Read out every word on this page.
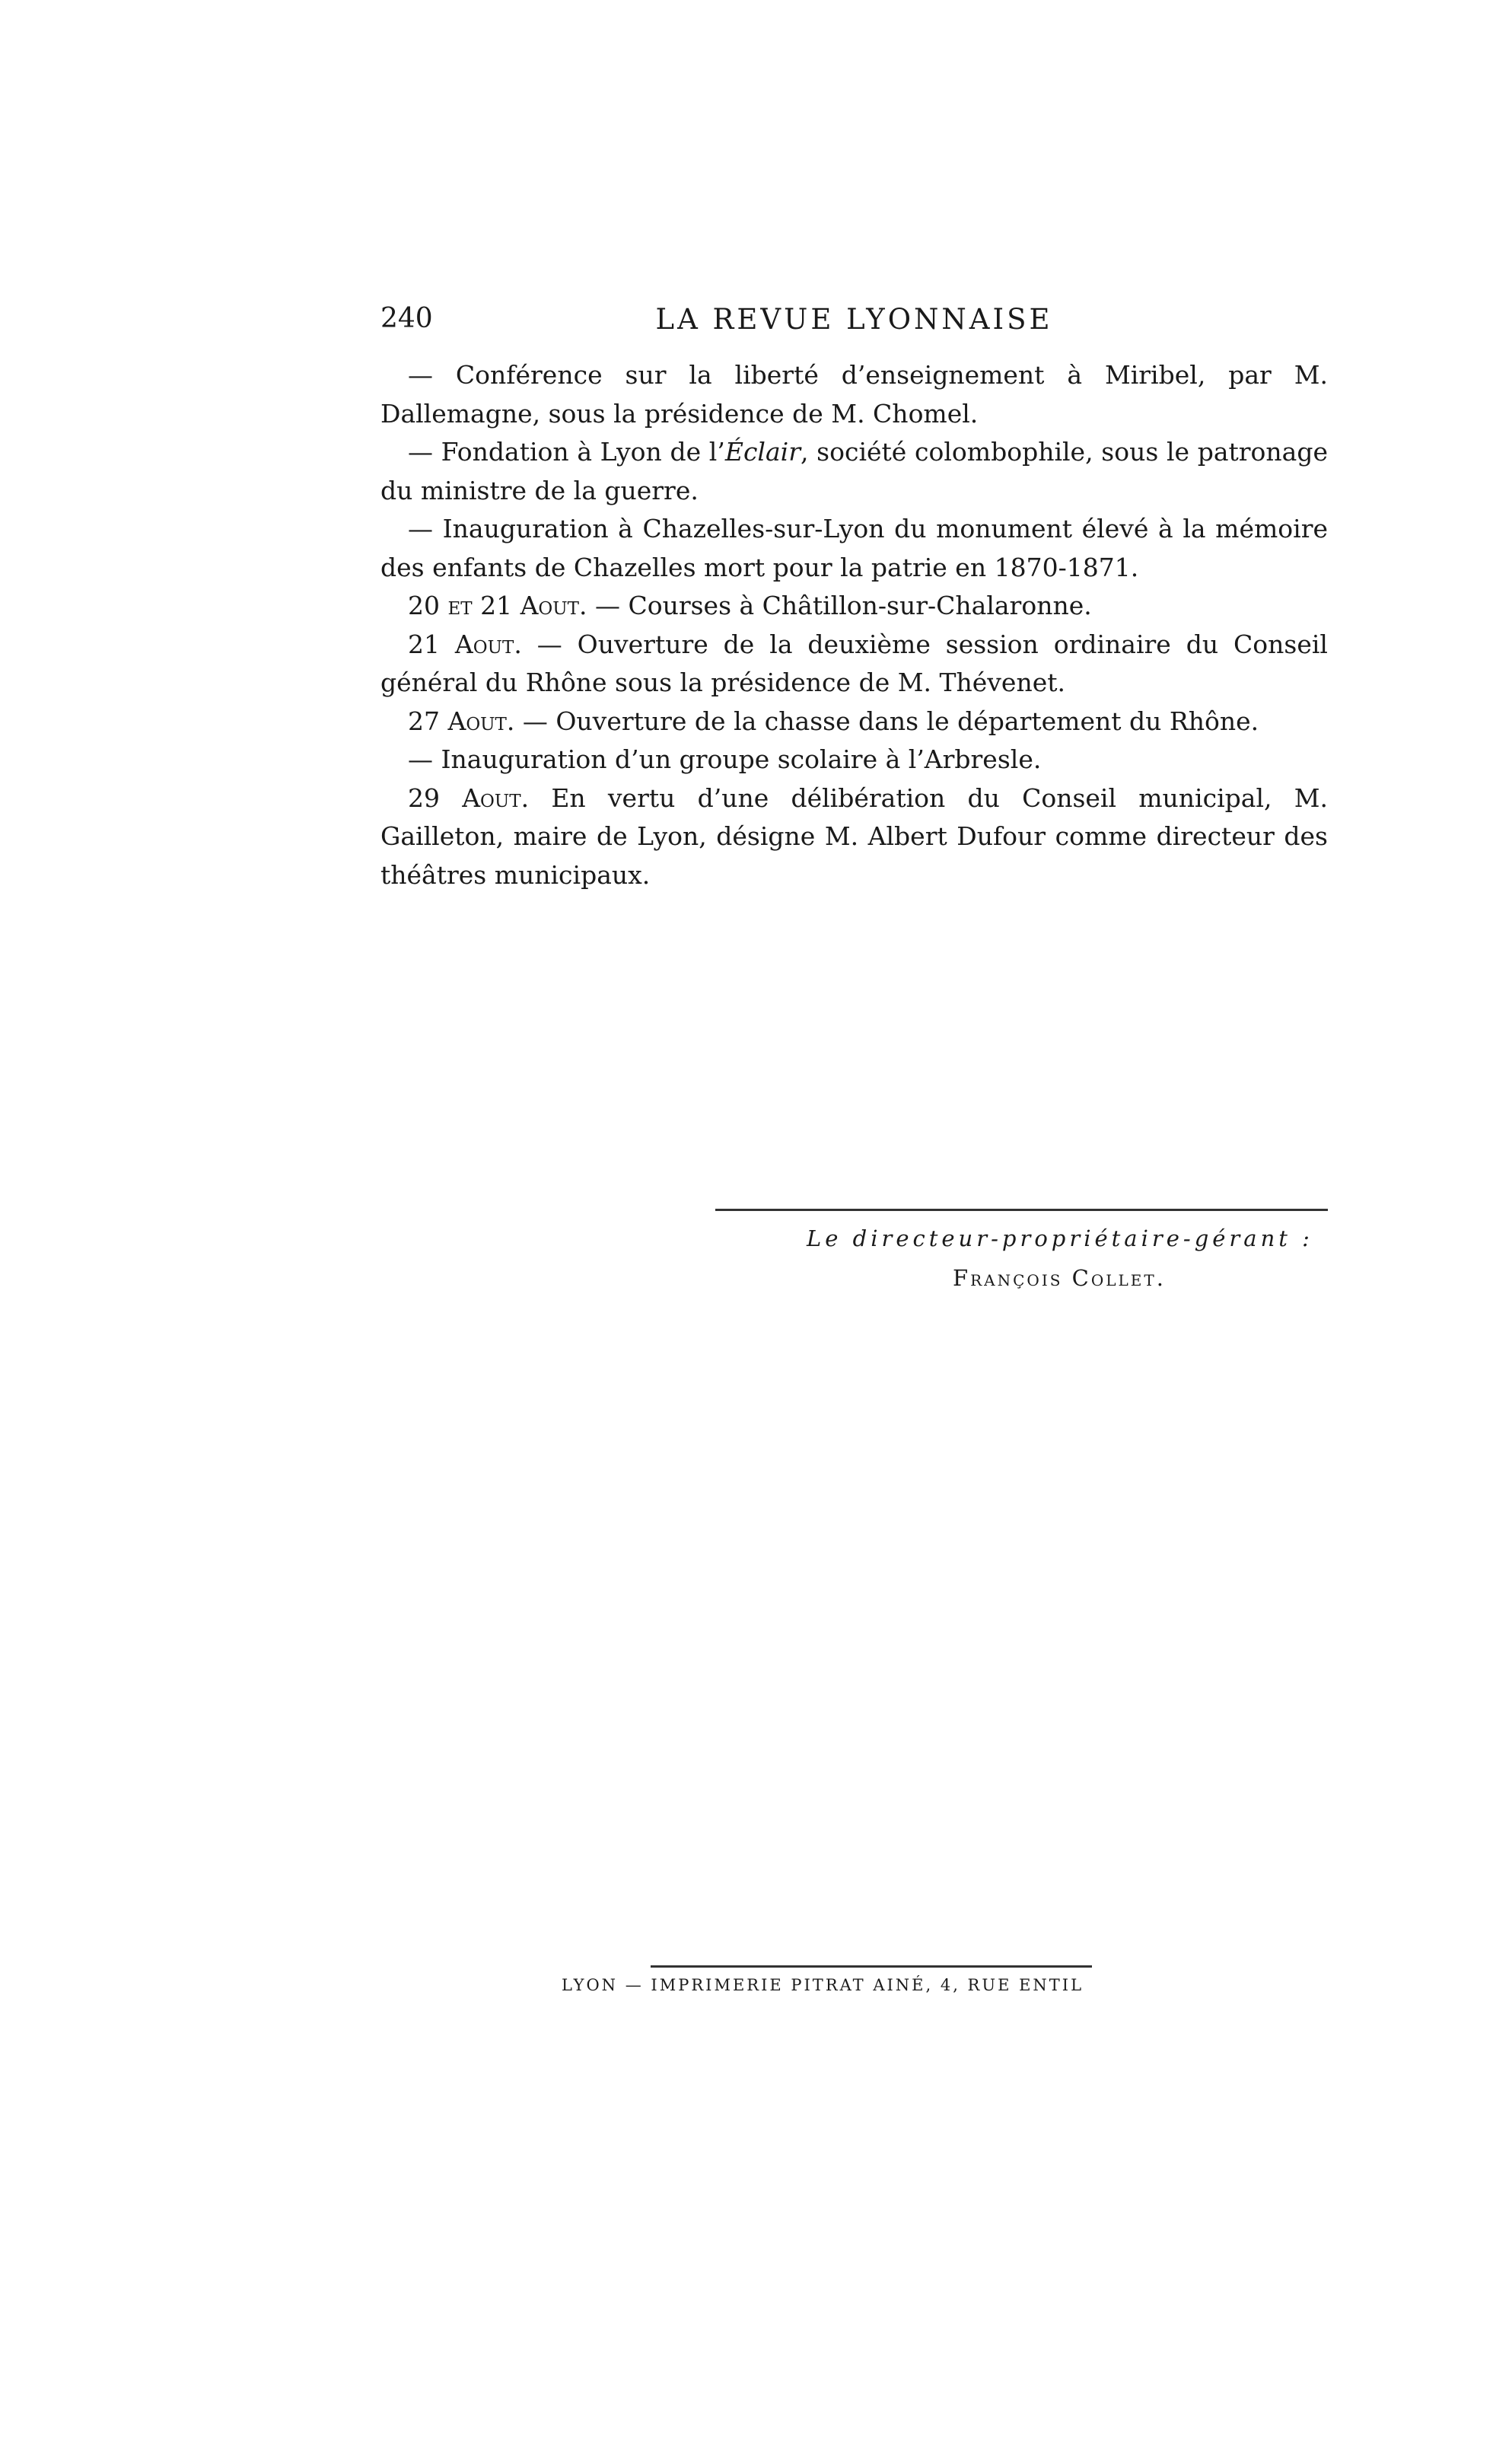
240	LA REVUE LYONNAISE

— Conférence sur la liberté d’enseignement à Miribel, par M. Dallemagne, sous la présidence de M. Chomel.

— Fondation à Lyon de l’Éclair, société colombophile, sous le patronage du ministre de la guerre.

— Inauguration à Chazelles-sur-Lyon du monument élevé à la mémoire des enfants de Chazelles mort pour la patrie en 1870-1871.

20 et 21 Aout. — Courses à Châtillon-sur-Chalaronne.

21 Aout. — Ouverture de la deuxième session ordinaire du Conseil général du Rhône sous la présidence de M. Thévenet.

27 Aout. — Ouverture de la chasse dans le département du Rhône.

— Inauguration d’un groupe scolaire à l’Arbresle.

29 Aout. En vertu d’une délibération du Conseil municipal, M. Gailleton, maire de Lyon, désigne M. Albert Dufour comme directeur des théâtres municipaux.

Le directeur-propriétaire-gérant :
François Collet.
LYON — IMPRIMERIE PITRAT AINÉ, 4, RUE ENTIL
